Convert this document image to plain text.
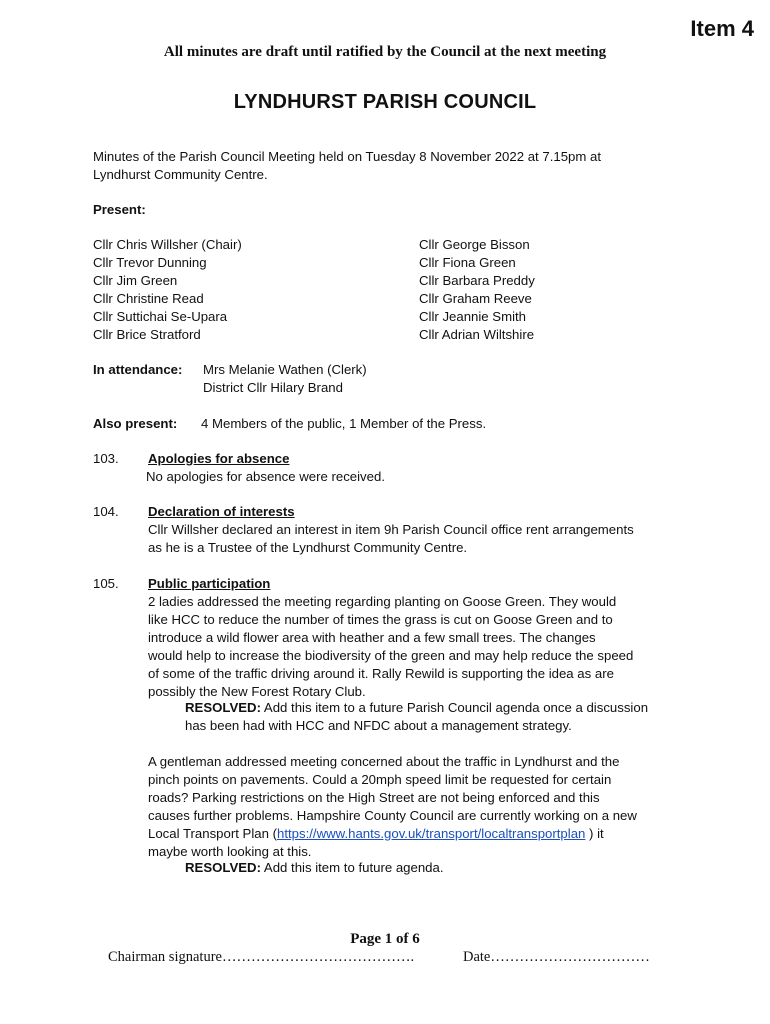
Item 4
All minutes are draft until ratified by the Council at the next meeting
LYNDHURST PARISH COUNCIL
Minutes of the Parish Council Meeting held on Tuesday 8 November 2022 at 7.15pm at
Lyndhurst Community Centre.
Present:
Cllr Chris Willsher (Chair)
Cllr Trevor Dunning
Cllr Jim Green
Cllr Christine Read
Cllr Suttichai Se-Upara
Cllr Brice Stratford
Cllr George Bisson
Cllr Fiona Green
Cllr Barbara Preddy
Cllr Graham Reeve
Cllr Jeannie Smith
Cllr Adrian Wiltshire
In attendance: Mrs Melanie Wathen (Clerk)
District Cllr Hilary Brand
Also present: 4 Members of the public, 1 Member of the Press.
103. Apologies for absence
No apologies for absence were received.
104. Declaration of interests
Cllr Willsher declared an interest in item 9h Parish Council office rent arrangements
as he is a Trustee of the Lyndhurst Community Centre.
105. Public participation
2 ladies addressed the meeting regarding planting on Goose Green. They would
like HCC to reduce the number of times the grass is cut on Goose Green and to
introduce a wild flower area with heather and a few small trees. The changes
would help to increase the biodiversity of the green and may help reduce the speed
of some of the traffic driving around it. Rally Rewild is supporting the idea as are
possibly the New Forest Rotary Club.
RESOLVED: Add this item to a future Parish Council agenda once a discussion
has been had with HCC and NFDC about a management strategy.
A gentleman addressed meeting concerned about the traffic in Lyndhurst and the
pinch points on pavements. Could a 20mph speed limit be requested for certain
roads? Parking restrictions on the High Street are not being enforced and this
causes further problems. Hampshire County Council are currently working on a new
Local Transport Plan (https://www.hants.gov.uk/transport/localtransportplan ) it
maybe worth looking at this.
RESOLVED: Add this item to future agenda.
Page 1 of 6
Chairman signature………………………………….	Date……………………………
